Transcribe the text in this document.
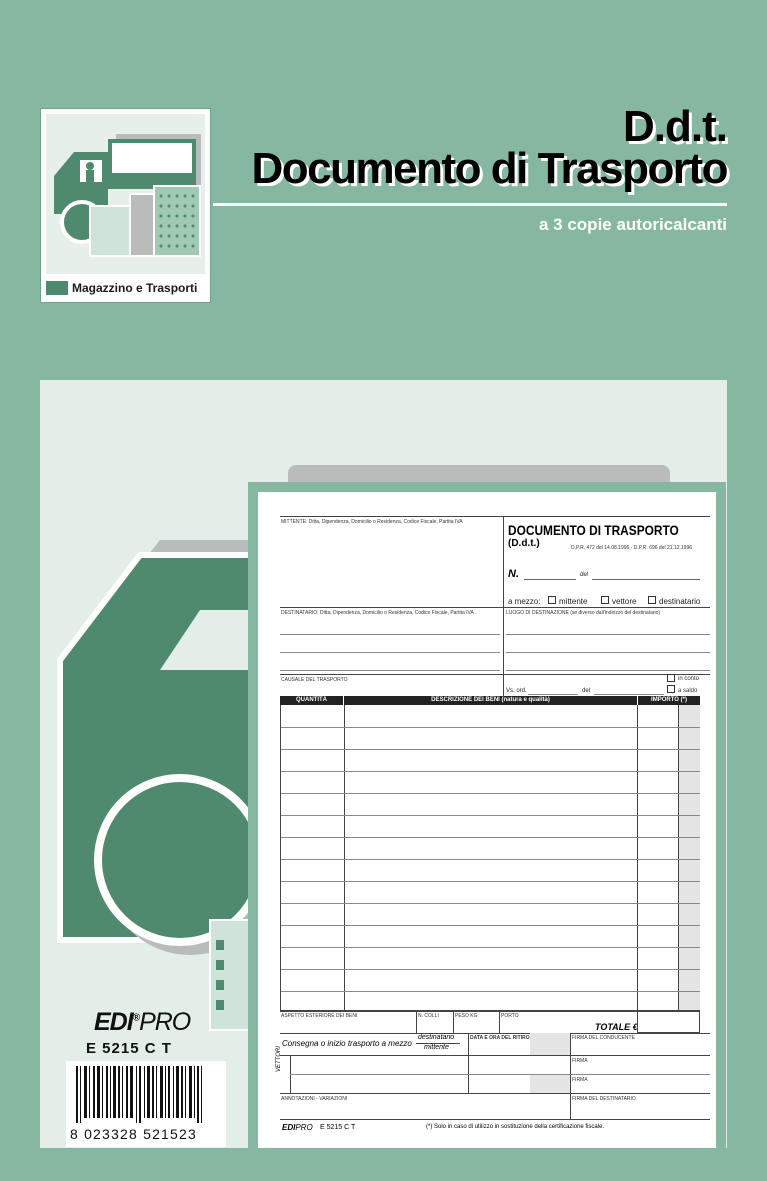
Magazzino e Trasporti
D.d.t.
Documento di Trasporto
a 3 copie autoricalcanti
EDI®PRO
E 5215 C T
8 023328 521523
MITTENTE: Ditta, Dipendenza, Domicilio o Residenza, Codice Fiscale, Partita IVA	DOCUMENTO DI TRASPORTO
(D.d.t.)	D.P.R. 472 del 14.08.1996 - D.P.R. 696 del 21.12.1996
N.	del
a mezzo: mittente	vettore	destinatario
DESTINATARIO: Ditta, Dipendenza, Domicilio o Residenza, Codice Fiscale, Partita IVA	LUOGO DI DESTINAZIONE (se diverso dall'indirizzo del destinatario)
CAUSALE DEL TRASPORTO	in conto
a saldo
Vs. ord.	del
QUANTITÀ	DESCRIZIONE DEI BENI (natura e qualità)	IMPORTO (*)
ASPETTO ESTERIORE DEI BENI	N. COLLI	PESO KG	PORTO
TOTALE €
Consegna o inizio trasporto a mezzo
destinatario
mittente
DATA E ORA DEL RITIRO	FIRMA DEL CONDUCENTE
VETTORI	FIRMA
FIRMA
ANNOTAZIONI - VARIAZIONI	FIRMA DEL DESTINATARIO
EDIPRO E 5215 C T	(*) Solo in caso di utilizzo in sostituzione della certificazione fiscale.
